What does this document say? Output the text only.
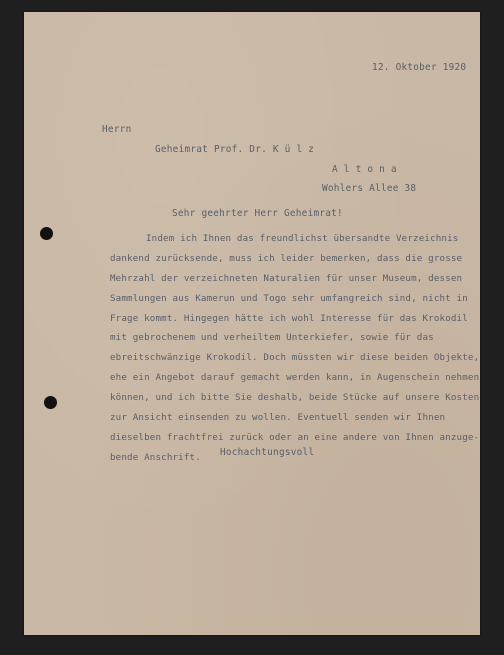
12. Oktober 1920
Herrn
Geheimrat Prof. Dr. K ü l z
A l t o n a
Wohlers Allee 38
Sehr geehrter Herr Geheimrat!
Indem ich Ihnen das freundlichst übersandte Verzeichnis
dankend zurücksende, muss ich leider bemerken, dass die grosse
Mehrzahl der verzeichneten Naturalien für unser Museum, dessen
Sammlungen aus Kamerun und Togo sehr umfangreich sind, nicht in
Frage kommt. Hingegen hätte ich wohl Interesse für das Krokodil
mit gebrochenem und verheiltem Unterkiefer, sowie für das
ebreitschwänzige Krokodil. Doch müssten wir diese beiden Objekte,
ehe ein Angebot darauf gemacht werden kann, in Augenschein nehmen
können, und ich bitte Sie deshalb, beide Stücke auf unsere Kosten
zur Ansicht einsenden zu wollen. Eventuell senden wir Ihnen
dieselben frachtfrei zurück oder an eine andere von Ihnen anzuge-
bende Anschrift.	Hochachtungsvoll
